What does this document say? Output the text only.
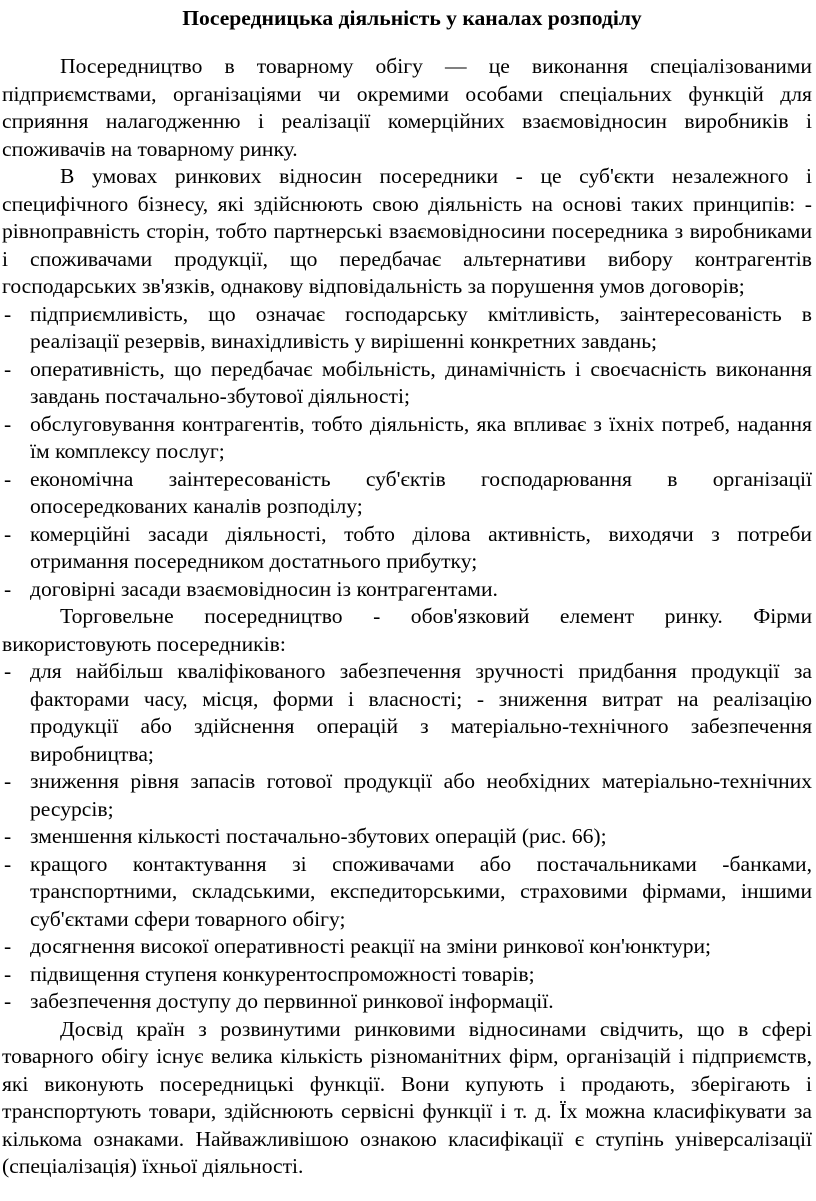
Посередницька діяльність у каналах розподілу

Посередництво в товарному обігу — це виконання спеціалізованими підприємствами, організаціями чи окремими особами спеціальних функцій для сприяння налагодженню і реалізації комерційних взаємовідносин виробників і споживачів на товарному ринку.

В умовах ринкових відносин посередники - це суб'єкти незалежного і специфічного бізнесу, які здійснюють свою діяльність на основі таких принципів: - рівноправність сторін, тобто партнерські взаємовідносини посередника з виробниками і споживачами продукції, що передбачає альтернативи вибору контрагентів господарських зв'язків, однакову відповідальність за порушення умов договорів;

- підприємливість, що означає господарську кмітливість, заінтересованість в реалізації резервів, винахідливість у вирішенні конкретних завдань;
- оперативність, що передбачає мобільність, динамічність і своєчасність виконання завдань постачально-збутової діяльності;
- обслуговування контрагентів, тобто діяльність, яка впливає з їхніх потреб, надання їм комплексу послуг;
- економічна заінтересованість суб'єктів господарювання в організації опосередкованих каналів розподілу;
- комерційні засади діяльності, тобто ділова активність, виходячи з потреби отримання посередником достатнього прибутку;
- договірні засади взаємовідносин із контрагентами.

Торговельне посередництво - обов'язковий елемент ринку. Фірми використовують посередників:

- для найбільш кваліфікованого забезпечення зручності придбання продукції за факторами часу, місця, форми і власності; - зниження витрат на реалізацію продукції або здійснення операцій з матеріально-технічного забезпечення виробництва;
- зниження рівня запасів готової продукції або необхідних матеріально-технічних ресурсів;
- зменшення кількості постачально-збутових операцій (рис. 66);
- кращого контактування зі споживачами або постачальниками -банками, транспортними, складськими, експедиторськими, страховими фірмами, іншими суб'єктами сфери товарного обігу;
- досягнення високої оперативності реакції на зміни ринкової кон'юнктури;
- підвищення ступеня конкурентоспроможності товарів;
- забезпечення доступу до первинної ринкової інформації.

Досвід країн з розвинутими ринковими відносинами свідчить, що в сфері товарного обігу існує велика кількість різноманітних фірм, організацій і підприємств, які виконують посередницькі функції. Вони купують і продають, зберігають і транспортують товари, здійснюють сервісні функції і т. д. Їх можна класифікувати за кількома ознаками. Найважливішою ознакою класифікації є ступінь універсалізації (спеціалізація) їхньої діяльності.
